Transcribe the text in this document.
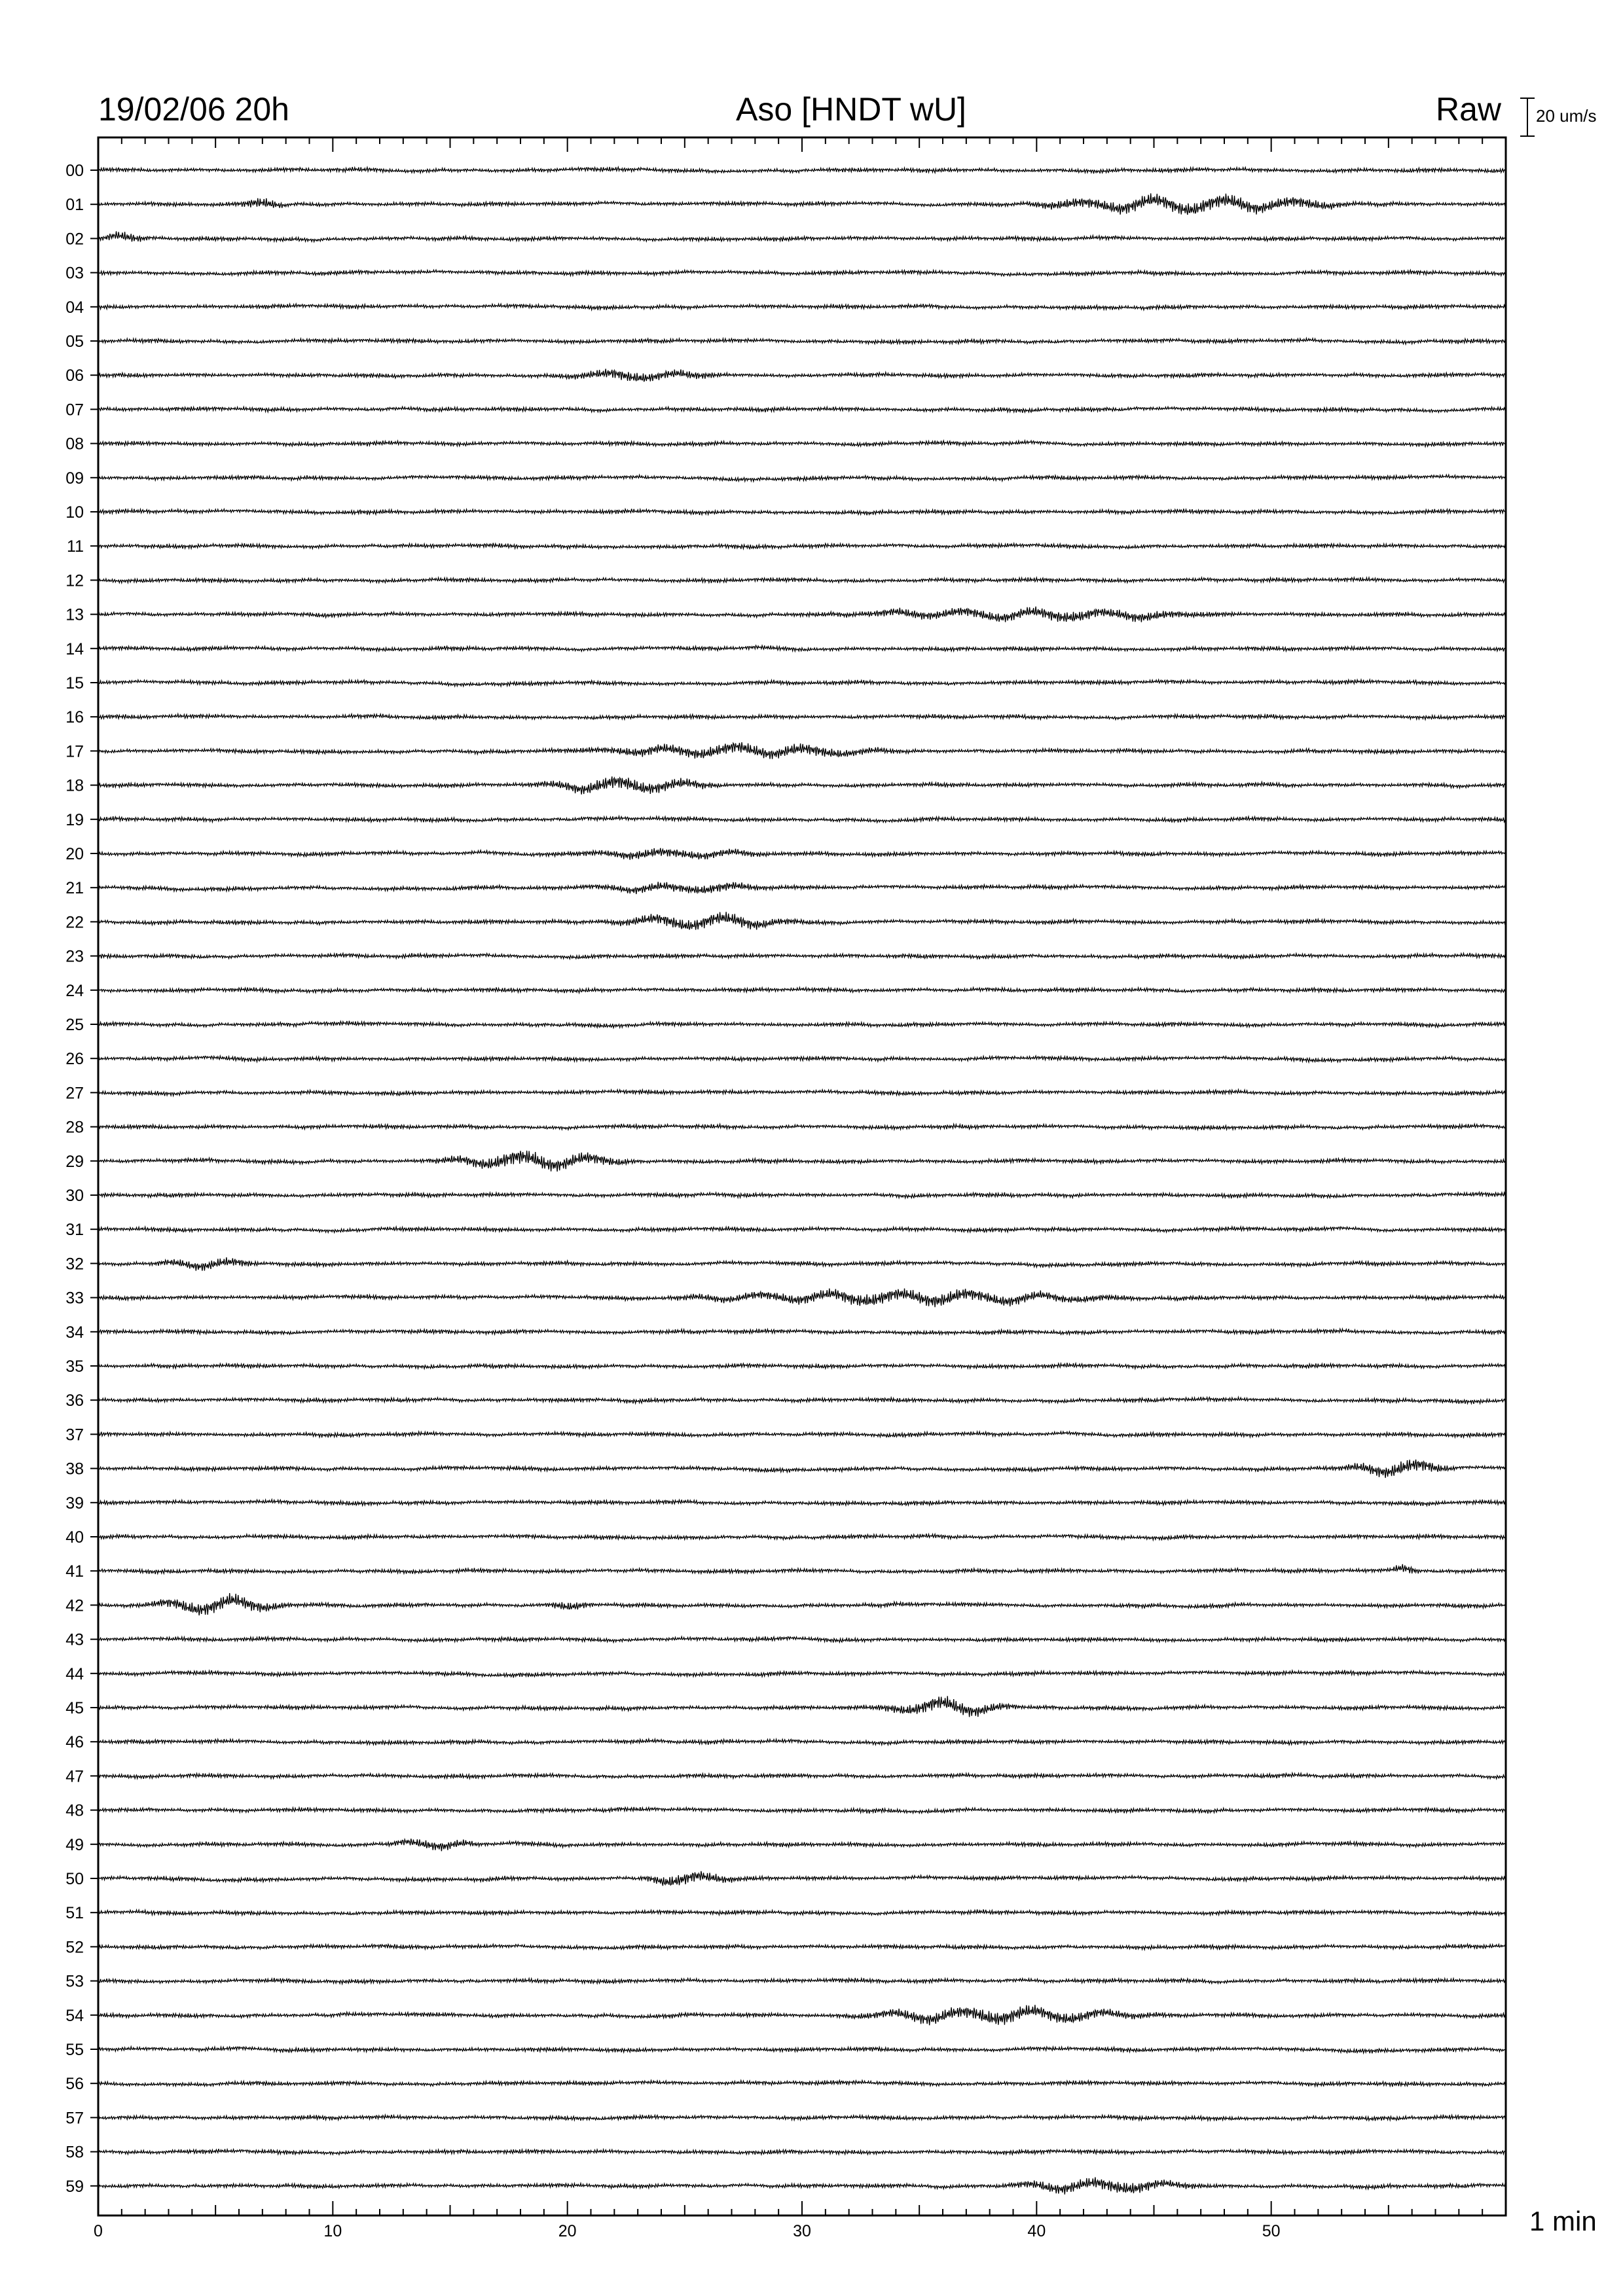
00
01
02
03
04
05
06
07
08
09
10
11
12
13
14
15
16
17
18
19
20
21
22
23
24
25
26
27
28
29
30
31
32
33
34
35
36
37
38
39
40
41
42
43
44
45
46
47
48
49
50
51
52
53
54
55
56
57
58
59
0	10	20	30	40	50
19/02/06 20h	Aso [HNDT wU]	Raw 20 um/s
1 min
